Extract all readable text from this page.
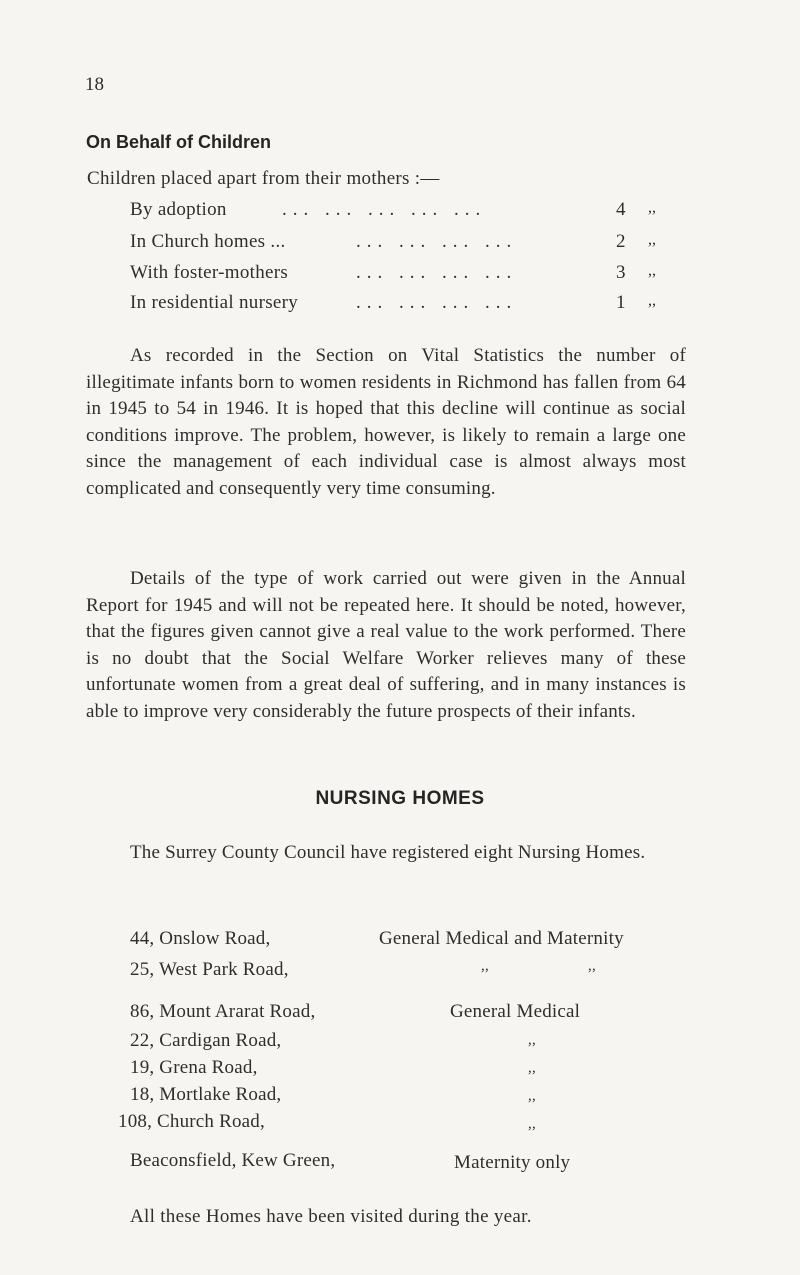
18
On Behalf of Children
Children placed apart from their mothers :—
By adoption	... ... ... ... ...	4 ,,
In Church homes ...	... ... ... ...	2 ,,
With foster-mothers	... ... ... ...	3 ,,
In residential nursery	... ... ... ...	1 ,,

As recorded in the Section on Vital Statistics the number of illegitimate infants born to women residents in Richmond has fallen from 64 in 1945 to 54 in 1946. It is hoped that this decline will continue as social conditions improve. The problem, however, is likely to remain a large one since the management of each individual case is almost always most complicated and consequently very time consuming.

Details of the type of work carried out were given in the Annual Report for 1945 and will not be repeated here. It should be noted, however, that the figures given cannot give a real value to the work performed. There is no doubt that the Social Welfare Worker relieves many of these unfortunate women from a great deal of suffering, and in many instances is able to improve very considerably the future prospects of their infants.

NURSING HOMES

The Surrey County Council have registered eight Nursing Homes.

44, Onslow Road,	General Medical and Maternity
25, West Park Road,	,,	,,
86, Mount Ararat Road,	General Medical
22, Cardigan Road,	,,
19, Grena Road,	,,
18, Mortlake Road,	,,
108, Church Road,	,,
Beaconsfield, Kew Green,	Maternity only
All these Homes have been visited during the year.
